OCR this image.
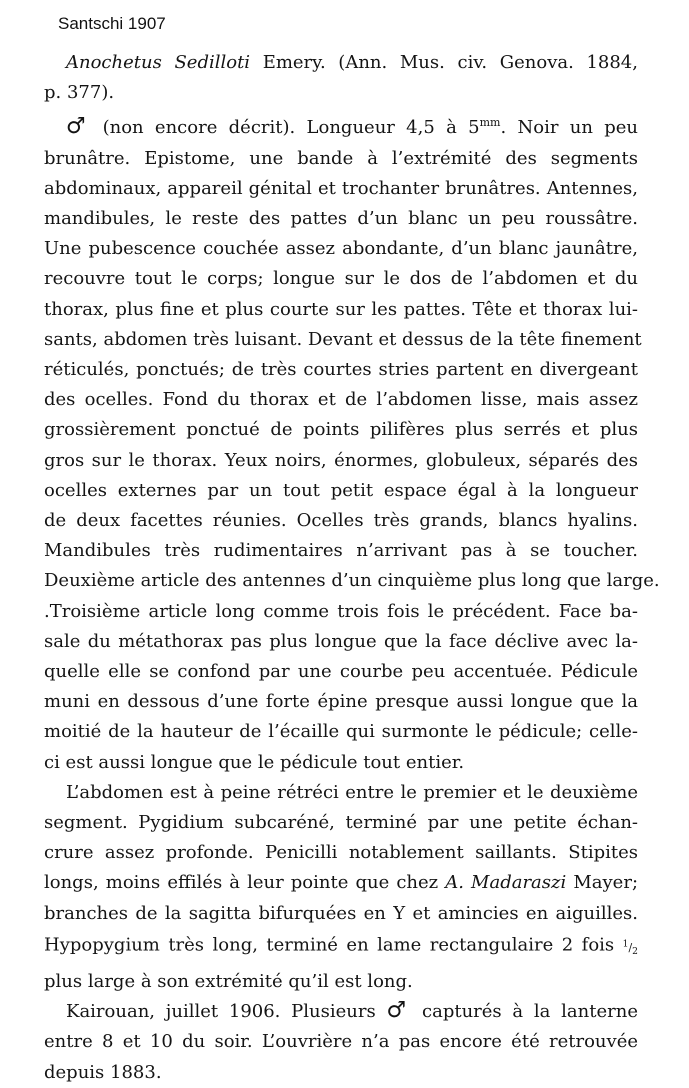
Santschi 1907
Anochetus Sedilloti Emery. (Ann. Mus. civ. Genova. 1884,
p. 377).
♂ (non encore décrit). Longueur 4,5 à $5^{mm}$. Noir un peu
brunâtre. Epistome, une bande à l’extrémité des segments
abdominaux, appareil génital et trochanter brunâtres. Antennes,
mandibules, le reste des pattes d’un blanc un peu roussâtre.
Une pubescence couchée assez abondante, d’un blanc jaunâtre,
recouvre tout le corps; longue sur le dos de l’abdomen et du
thorax, plus fine et plus courte sur les pattes. Tête et thorax lui-
sants, abdomen très luisant. Devant et dessus de la tête finement
réticulés, ponctués; de très courtes stries partent en divergeant
des ocelles. Fond du thorax et de l’abdomen lisse, mais assez
grossièrement ponctué de points pilifères plus serrés et plus
gros sur le thorax. Yeux noirs, énormes, globuleux, séparés des
ocelles externes par un tout petit espace égal à la longueur
de deux facettes réunies. Ocelles très grands, blancs hyalins.
Mandibules très rudimentaires n’arrivant pas à se toucher.
Deuxième article des antennes d’un cinquième plus long que large.
.Troisième article long comme trois fois le précédent. Face ba-
sale du métathorax pas plus longue que la face déclive avec la-
quelle elle se confond par une courbe peu accentuée. Pédicule
muni en dessous d’une forte épine presque aussi longue que la
moitié de la hauteur de l’écaille qui surmonte le pédicule; celle-
ci est aussi longue que le pédicule tout entier.
L’abdomen est à peine rétréci entre le premier et le deuxième
segment. Pygidium subcaréné, terminé par une petite échan-
crure assez profonde. Penicilli notablement saillants. Stipites
longs, moins effilés à leur pointe que chez A. Madaraszi Mayer;
branches de la sagitta bifurquées en Y et amincies en aiguilles.
Hypopygium très long, terminé en lame rectangulaire 2 fois $^1/_2$
plus large à son extrémité qu’il est long.
Kairouan, juillet 1906. Plusieurs ♂ capturés à la lanterne
entre 8 et 10 du soir. L’ouvrière n’a pas encore été retrouvée
depuis 1883.
